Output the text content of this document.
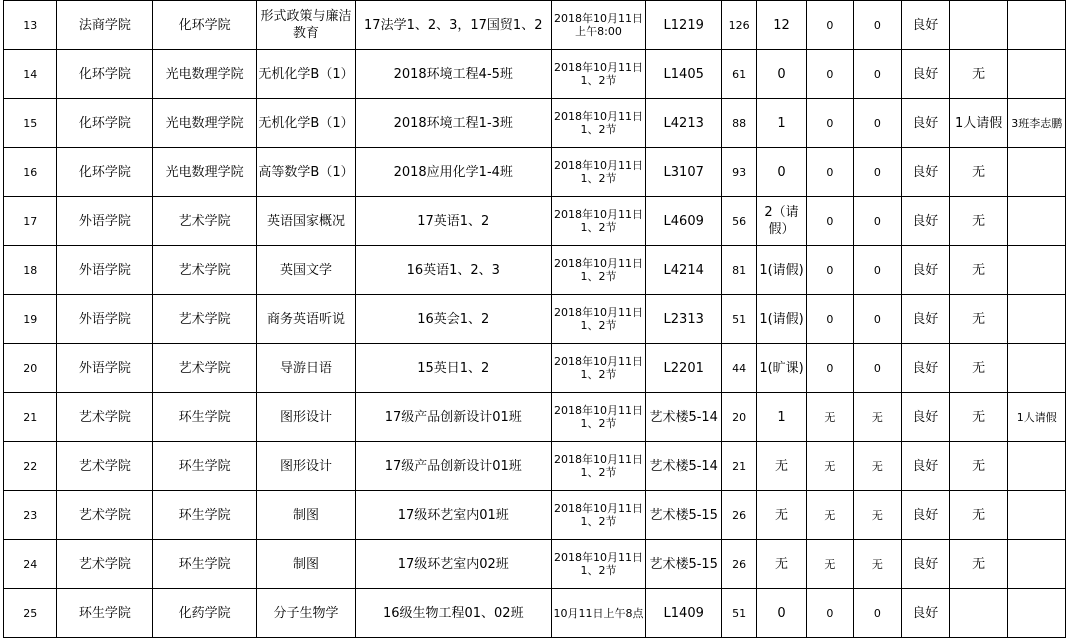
13	法商学院	化环学院	形式政策与廉洁教育	17法学1、2、3，17国贸1、2	2018年10月11日上午8:00	L1219	126	12	0	0	良好		
14	化环学院	光电数理学院	无机化学B（1）	2018环境工程4-5班	2018年10月11日1、2节	L1405	61	0	0	0	良好	无	
15	化环学院	光电数理学院	无机化学B（1）	2018环境工程1-3班	2018年10月11日1、2节	L4213	88	1	0	0	良好	1人请假	3班李志鹏
16	化环学院	光电数理学院	高等数学B（1）	2018应用化学1-4班	2018年10月11日1、2节	L3107	93	0	0	0	良好	无	
17	外语学院	艺术学院	英语国家概况	17英语1、2	2018年10月11日1、2节	L4609	56	2（请假）	0	0	良好	无	
18	外语学院	艺术学院	英国文学	16英语1、2、3	2018年10月11日1、2节	L4214	81	1(请假)	0	0	良好	无	
19	外语学院	艺术学院	商务英语听说	16英会1、2	2018年10月11日1、2节	L2313	51	1(请假)	0	0	良好	无	
20	外语学院	艺术学院	导游日语	15英日1、2	2018年10月11日1、2节	L2201	44	1(旷课)	0	0	良好	无	
21	艺术学院	环生学院	图形设计	17级产品创新设计01班	2018年10月11日1、2节	艺术楼5-14	20	1	无	无	良好	无	1人请假
22	艺术学院	环生学院	图形设计	17级产品创新设计01班	2018年10月11日1、2节	艺术楼5-14	21	无	无	无	良好	无	
23	艺术学院	环生学院	制图	17级环艺室内01班	2018年10月11日1、2节	艺术楼5-15	26	无	无	无	良好	无	
24	艺术学院	环生学院	制图	17级环艺室内02班	2018年10月11日1、2节	艺术楼5-15	26	无	无	无	良好	无	
25	环生学院	化药学院	分子生物学	16级生物工程01、02班	10月11日上午8点	L1409	51	0	0	0	良好		
